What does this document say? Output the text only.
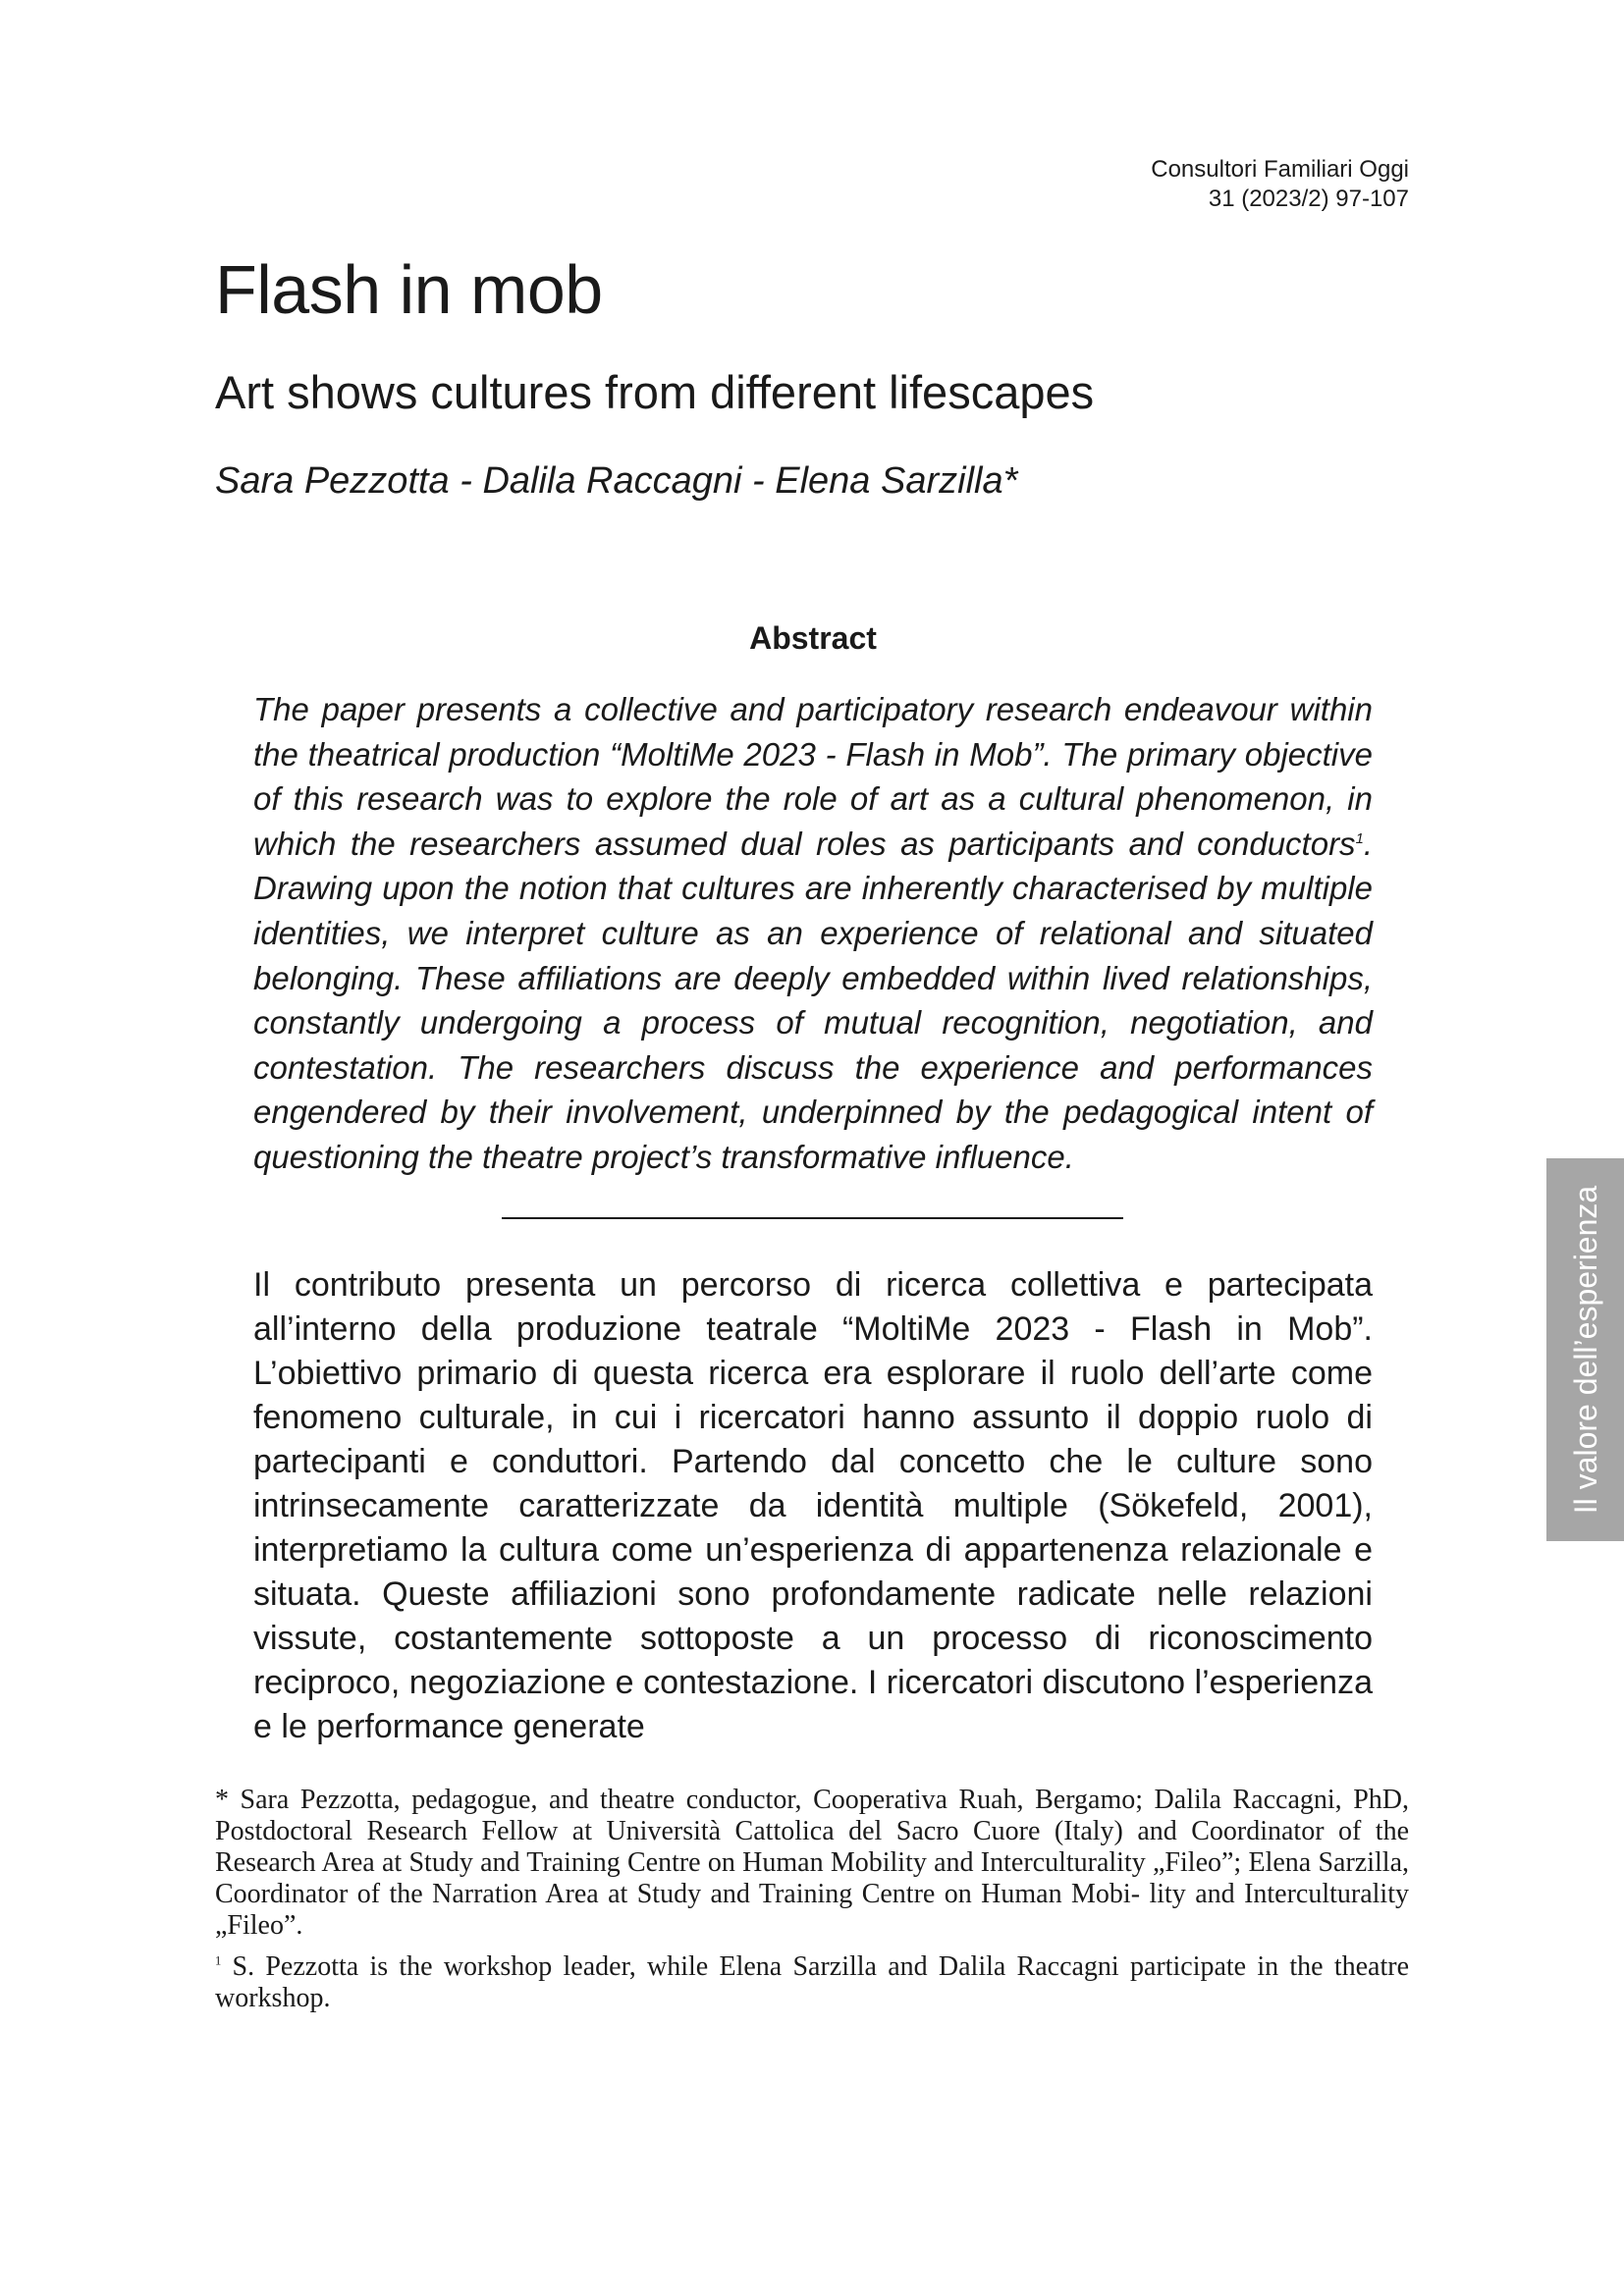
Consultori Familiari Oggi
31 (2023/2) 97-107
Flash in mob
Art shows cultures from different lifescapes
Sara Pezzotta - Dalila Raccagni - Elena Sarzilla*
Abstract

The paper presents a collective and participatory research endeavour within the theatrical production “MoltiMe 2023 - Flash in Mob”. The primary objective of this research was to explore the role of art as a cultural phenomenon, in which the researchers assumed dual roles as participants and conductors$^1$. Drawing upon the notion that cultures are inherently characterised by multiple identities, we interpret culture as an experience of relational and situated belonging. These affiliations are deeply embedded within lived relationships, constantly undergoing a process of mutual recognition, negotiation, and contestation. The researchers discuss the experience and performances engendered by their involvement, underpinned by the pedagogical intent of questioning the theatre project’s transformative influence.

Il contributo presenta un percorso di ricerca collettiva e partecipata all’interno della produzione teatrale “MoltiMe 2023 - Flash in Mob”. L’obiettivo primario di questa ricerca era esplorare il ruolo dell’arte come fenomeno culturale, in cui i ricercatori hanno assunto il doppio ruolo di partecipanti e conduttori. Partendo dal concetto che le culture sono intrinsecamente caratterizzate da identità multiple (Sökefeld, 2001), interpretiamo la cultura come un’esperienza di appartenenza relazionale e situata. Queste affiliazioni sono profondamente radicate nelle relazioni vissute, costantemente sottoposte a un processo di riconoscimento reciproco, negoziazione e contestazione. I ricercatori discutono l’esperienza e le performance generate

* Sara Pezzotta, pedagogue, and theatre conductor, Cooperativa Ruah, Bergamo; Dalila Raccagni, PhD, Postdoctoral Research Fellow at Università Cattolica del Sacro Cuore (Italy) and Coordinator of the Research Area at Study and Training Centre on Human Mobility and Interculturality „Fileo”; Elena Sarzilla, Coordinator of the Narration Area at Study and Training Centre on Human Mobi- lity and Interculturality „Fileo”.

$^1$ S. Pezzotta is the workshop leader, while Elena Sarzilla and Dalila Raccagni participate in the theatre workshop.

Il valore dell’esperienza
